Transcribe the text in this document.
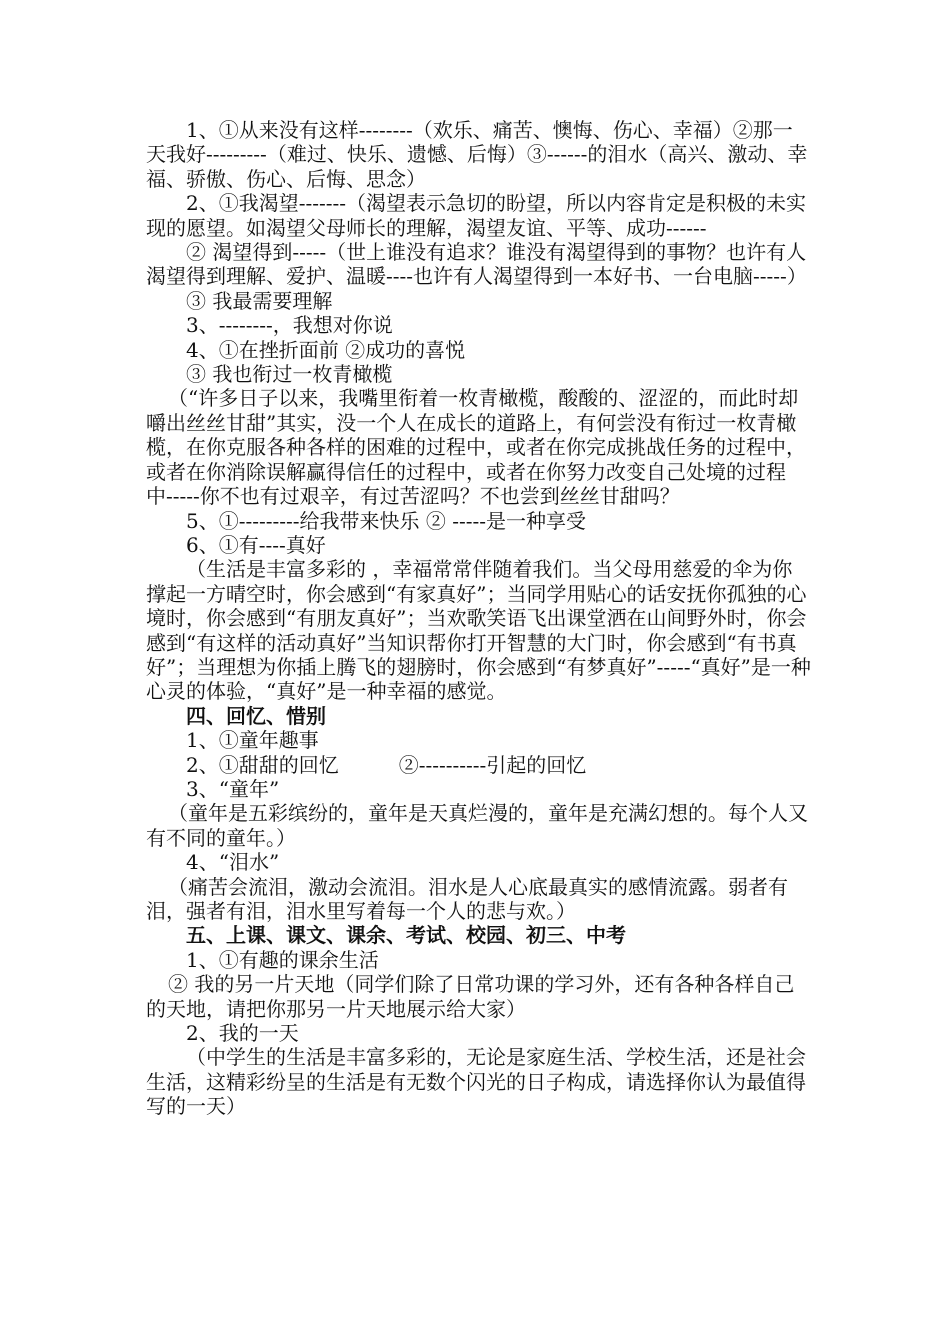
1、①从来没有这样--------（欢乐、痛苦、懊悔、伤心、幸福）②那一天我好---------（难过、快乐、遗憾、后悔）③------的泪水（高兴、激动、幸福、骄傲、伤心、后悔、思念）

2、①我渴望-------（渴望表示急切的盼望，所以内容肯定是积极的未实现的愿望。如渴望父母师长的理解，渴望友谊、平等、成功------

② 渴望得到-----（世上谁没有追求？谁没有渴望得到的事物？也许有人渴望得到理解、爱护、温暖----也许有人渴望得到一本好书、一台电脑-----）

③ 我最需要理解

3、--------，我想对你说

4、①在挫折面前 ②成功的喜悦

③ 我也衔过一枚青橄榄

（“许多日子以来，我嘴里衔着一枚青橄榄，酸酸的、涩涩的，而此时却嚼出丝丝甘甜”其实，没一个人在成长的道路上，有何尝没有衔过一枚青橄榄，在你克服各种各样的困难的过程中，或者在你完成挑战任务的过程中，或者在你消除误解赢得信任的过程中，或者在你努力改变自己处境的过程中-----你不也有过艰辛，有过苦涩吗？不也尝到丝丝甘甜吗？

5、①---------给我带来快乐 ② -----是一种享受

6、①有----真好

（生活是丰富多彩的 ，幸福常常伴随着我们。当父母用慈爱的伞为你撑起一方晴空时，你会感到“有家真好”；当同学用贴心的话安抚你孤独的心境时，你会感到“有朋友真好”；当欢歌笑语飞出课堂洒在山间野外时，你会感到“有这样的活动真好”当知识帮你打开智慧的大门时，你会感到“有书真好”；当理想为你插上腾飞的翅膀时，你会感到“有梦真好”-----“真好”是一种心灵的体验，“真好”是一种幸福的感觉。

四、回忆、惜别

1、①童年趣事

2、①甜甜的回忆　　　②----------引起的回忆

3、“童年”

（童年是五彩缤纷的，童年是天真烂漫的，童年是充满幻想的。每个人又有不同的童年。）

4、“泪水”

（痛苦会流泪，激动会流泪。泪水是人心底最真实的感情流露。弱者有泪，强者有泪，泪水里写着每一个人的悲与欢。）

五、上课、课文、课余、考试、校园、初三、中考

1、①有趣的课余生活

② 我的另一片天地（同学们除了日常功课的学习外，还有各种各样自己的天地，请把你那另一片天地展示给大家）

2、我的一天

（中学生的生活是丰富多彩的，无论是家庭生活、学校生活，还是社会生活，这精彩纷呈的生活是有无数个闪光的日子构成，请选择你认为最值得写的一天）
